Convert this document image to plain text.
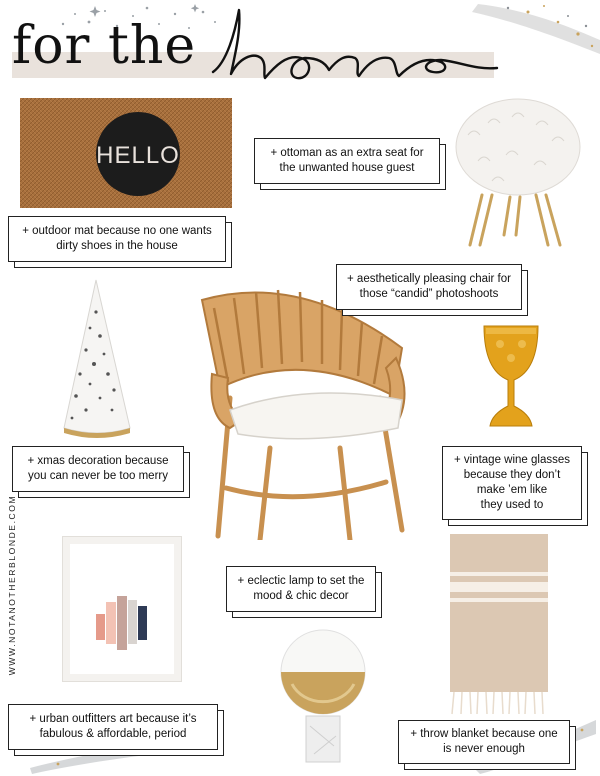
for the
home
HELLO
WWW.NOTANOTHERBLONDE.COM
+ outdoor mat because no one wants
dirty shoes in the house
+ ottoman as an extra seat for
the unwanted house guest
+ aesthetically pleasing chair for
those “candid” photoshoots
+ xmas decoration because
you can never be too merry
+ vintage wine glasses
because they don’t
make ’em like
they used to
+ eclectic lamp to set the
mood & chic decor
+ urban outfitters art because it’s
fabulous & affordable, period	+ throw blanket because one
is never enough
